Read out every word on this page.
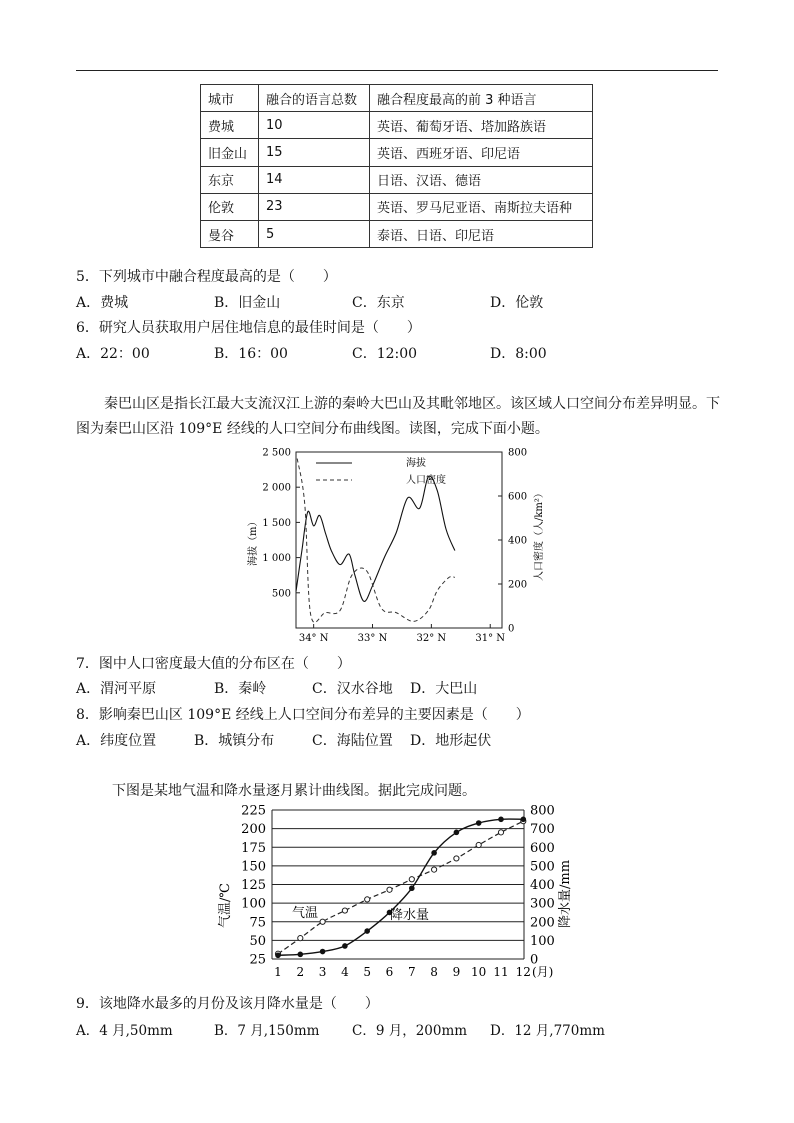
城市	融合的语言总数	融合程度最高的前 3 种语言
费城	10	英语、葡萄牙语、塔加路族语
旧金山	15	英语、西班牙语、印尼语
东京	14	日语、汉语、德语
伦敦	23	英语、罗马尼亚语、南斯拉夫语种
曼谷	5	泰语、日语、印尼语
5．下列城市中融合程度最高的是（　　）
A．费城	B．旧金山	C．东京	D．伦敦
6．研究人员获取用户居住地信息的最佳时间是（　　）
A．22：00	B．16：00	C．12:00	D．8:00
秦巴山区是指长江最大支流汉江上游的秦岭大巴山及其毗邻地区。该区域人口空间分布差异明显。下图为秦巴山区沿 109°E 经线的人口空间分布曲线图。读图，完成下面小题。
2 500
2 000
1 500
1 000
500
800
600
400
200
0
34° N	33° N	32° N	31° N
海拔
人口密度
海拔（m）	人口密度（人/km²）
7．图中人口密度最大值的分布区在（　　）
A．渭河平原	B．秦岭	C．汉水谷地 D．大巴山
8．影响秦巴山区 109°E 经线上人口空间分布差异的主要因素是（　　）
A．纬度位置	B．城镇分布	C．海陆位置 D．地形起伏
下图是某地气温和降水量逐月累计曲线图。据此完成问题。
225
200
175
150
125
100
75
50
25
800
700
600
500
400
300
200
100
0
1 2 3 4 5 6 7 8 9 10 11 12
气温	降水量
(月)
气温/℃	降水量/mm
9．该地降水最多的月份及该月降水量是（　　）
A．4 月,50mm	B．7 月,150mm C．9 月，200mm D．12 月,770mm
